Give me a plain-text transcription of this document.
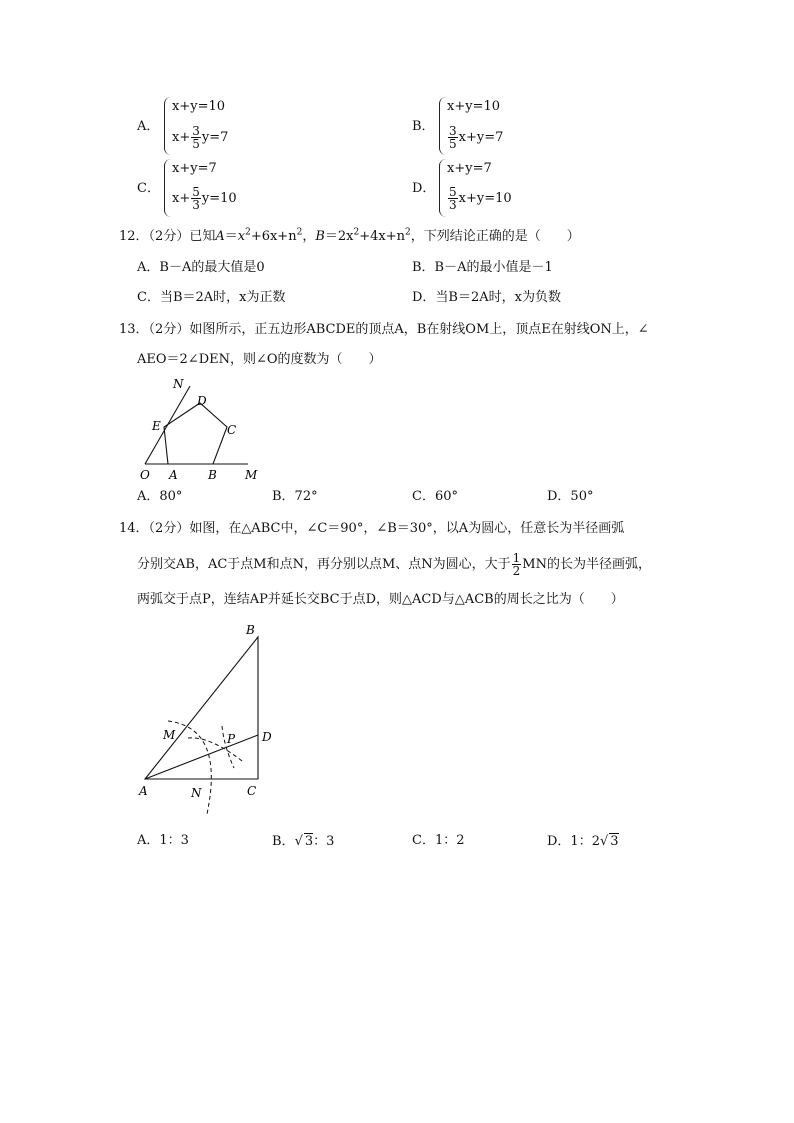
A．
x+y=10
$x+ \frac{3}{5} y=7$
B．
x+y=10
$\frac{3}{5} x+y=7$
C．
x+y=7
$x+ \frac{5}{3} y=10$
D．
x+y=7
$\frac{5}{3} x+y=10$
12．（2分）已知$A=x^2+6x+n^2$，$B=2x^2+4x+n^2$，下列结论正确的是（　　）
A．B－A的最大值是0	B．B－A的最小值是－1
C．当B＝2A时，x为正数	D．当B＝2A时，x为负数
13．（2分）如图所示，正五边形ABCDE的顶点A，B在射线OM上，顶点E在射线ON上，∠
AEO＝2∠DEN，则∠O的度数为（　　）
N
D
E	C
O A	B M
A．80°	B．72°	C．60°	D．50°
14．（2分）如图，在△ABC中，∠C＝90°，∠B＝30°，以A为圆心，任意长为半径画弧
分别交AB，AC于点M和点N，再分别以点M、点N为圆心，大于 $\frac{1}{2}$ MN的长为半径画弧，
两弧交于点P，连结AP并延长交BC于点D，则△ACD与△ACB的周长之比为（　　）
B
M	P D
A	N	C
A．1：3	B．√ 3：3	C．1：2	D．1：2√ 3
